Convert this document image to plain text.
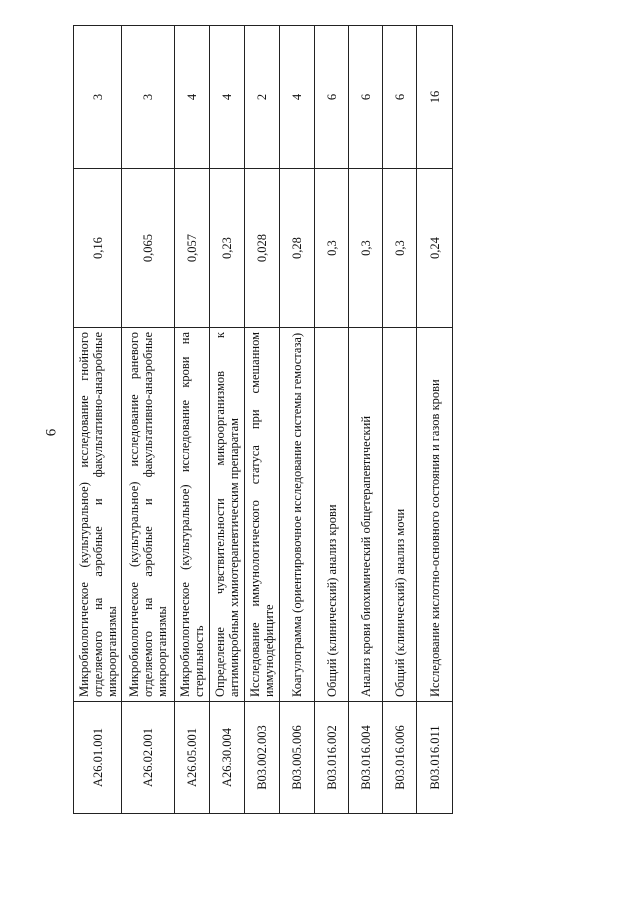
6
A26.01.001	Микробиологическое (культуральное) исследование гнойного отделяемого на аэробные и факультативно-анаэробные микроорганизмы	0,16	3
A26.02.001	Микробиологическое (культуральное) исследование раневого отделяемого на аэробные и факультативно-анаэробные микроорганизмы	0,065	3
A26.05.001	Микробиологическое (культуральное) исследование крови на стерильность	0,057	4
A26.30.004	Определение чувствительности микроорганизмов к антимикробным химиотерапевтическим препаратам	0,23	4
B03.002.003	Исследование иммунологического статуса при смешанном иммунодефиците	0,028	2
B03.005.006	Коагулограмма (ориентировочное исследование системы гемостаза)	0,28	4
B03.016.002	Общий (клинический) анализ крови	0,3	6
B03.016.004	Анализ крови биохимический общетерапевтический	0,3	6
B03.016.006	Общий (клинический) анализ мочи	0,3	6
B03.016.011	Исследование кислотно-основного состояния и газов крови	0,24	16
